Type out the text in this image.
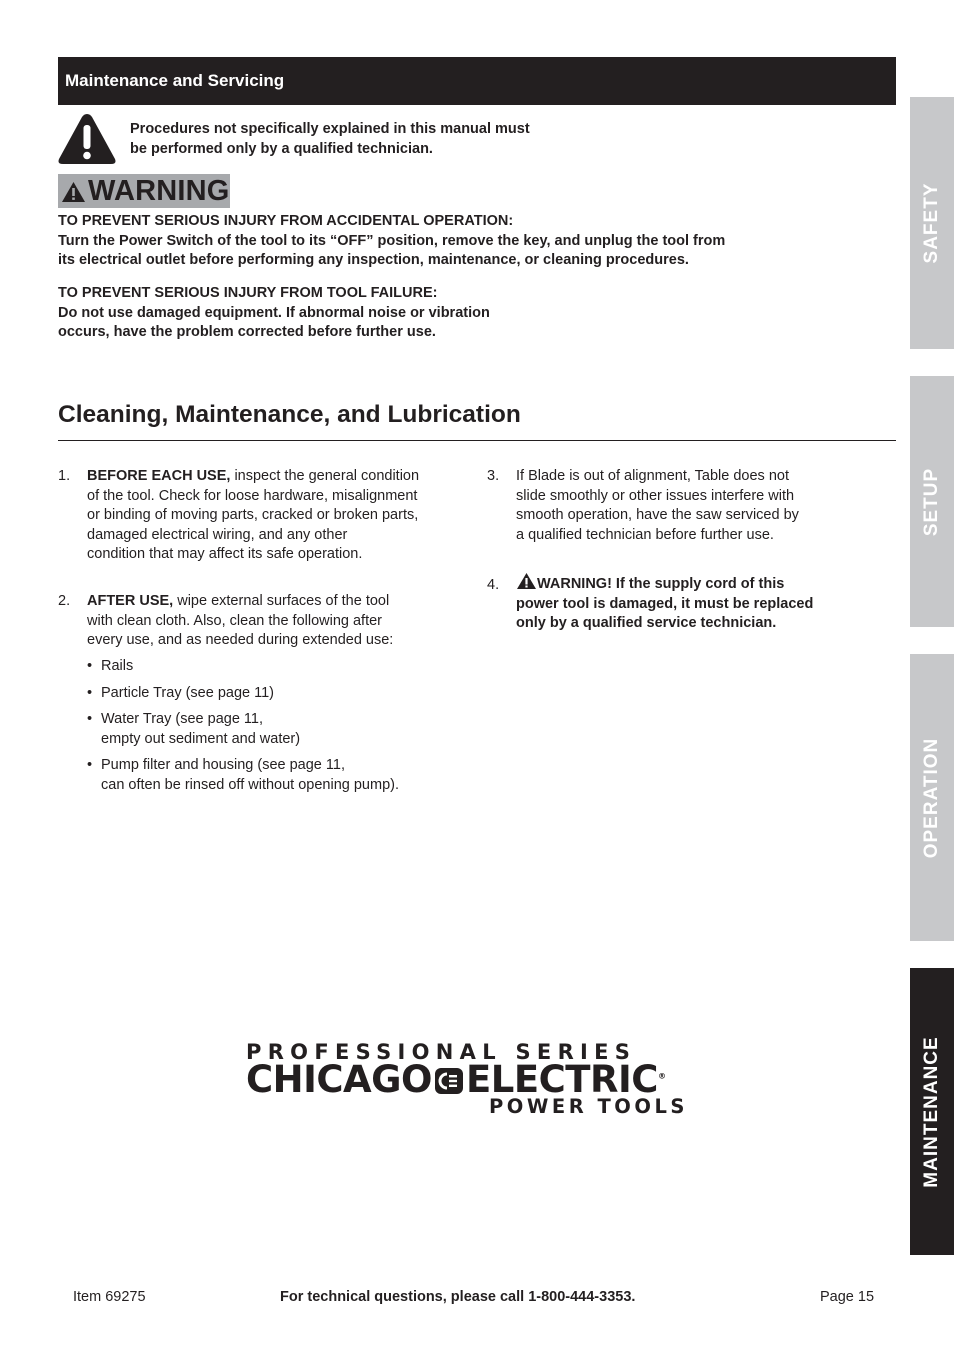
Maintenance and Servicing
Procedures not specifically explained in this manual must
be performed only by a qualified technician.
WARNING
TO PREVENT SERIOUS INJURY FROM ACCIDENTAL OPERATION:
Turn the Power Switch of the tool to its “OFF” position, remove the key, and unplug the tool from
its electrical outlet before performing any inspection, maintenance, or cleaning procedures.
TO PREVENT SERIOUS INJURY FROM TOOL FAILURE:
Do not use damaged equipment. If abnormal noise or vibration
occurs, have the problem corrected before further use.
Cleaning, Maintenance, and Lubrication
1. BEFORE EACH USE, inspect the general condition
of the tool. Check for loose hardware, misalignment
or binding of moving parts, cracked or broken parts,
damaged electrical wiring, and any other
condition that may affect its safe operation.
2. AFTER USE, wipe external surfaces of the tool
with clean cloth. Also, clean the following after
every use, and as needed during extended use:
• Rails
• Particle Tray (see page 11)
• Water Tray (see page 11,
empty out sediment and water)
• Pump filter and housing (see page 11,
can often be rinsed off without opening pump).
3. If Blade is out of alignment, Table does not
slide smoothly or other issues interfere with
smooth operation, have the saw serviced by
a qualified technician before further use.
4.	WARNING! If the supply cord of this
power tool is damaged, it must be replaced
only by a qualified service technician.
PROFESSIONAL SERIES
CHICAGO ELECTRIC®
POWER TOOLS
SAFETY
SETUP
OPERATION
MAINTENANCE
Item 69275	For technical questions, please call 1-800-444-3353.	Page 15
